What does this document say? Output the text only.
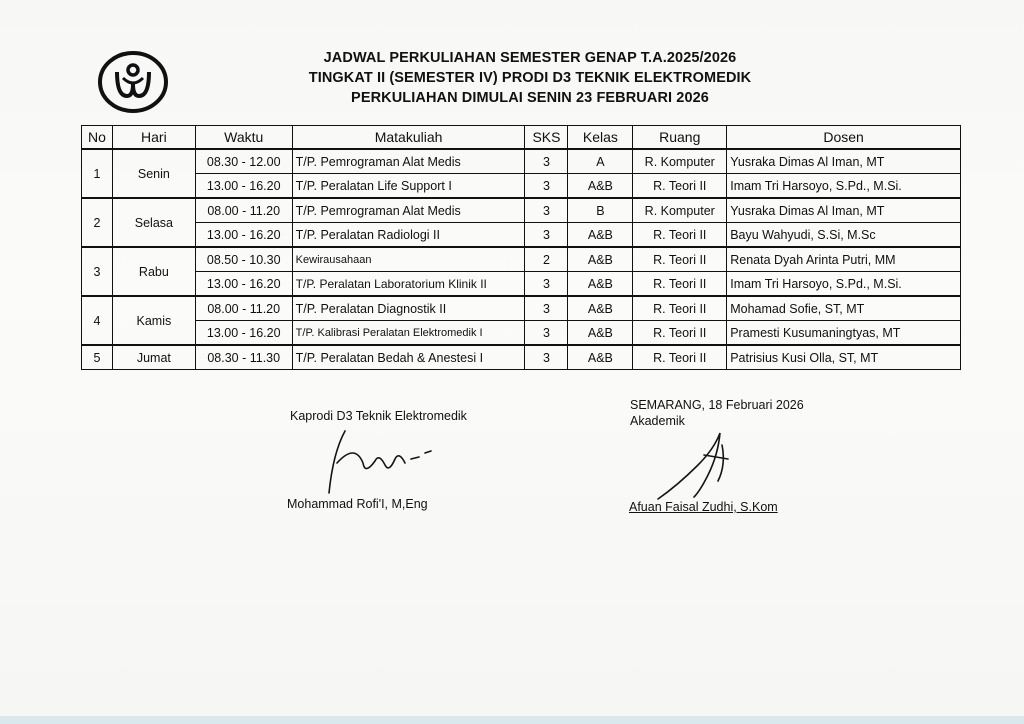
JADWAL PERKULIAHAN SEMESTER GENAP T.A.2025/2026
TINGKAT II (SEMESTER IV) PRODI D3 TEKNIK ELEKTROMEDIK
PERKULIAHAN DIMULAI SENIN 23 FEBRUARI 2026
No	Hari	Waktu	Matakuliah	SKS	Kelas	Ruang	Dosen
1	Senin	08.30 - 12.00	T/P. Pemrograman Alat Medis	3	A	R. Komputer	Yusraka Dimas Al Iman, MT
		13.00 - 16.20	T/P. Peralatan Life Support I	3	A&B	R. Teori II	Imam Tri Harsoyo, S.Pd., M.Si.
2	Selasa	08.00 - 11.20	T/P. Pemrograman Alat Medis	3	B	R. Komputer	Yusraka Dimas Al Iman, MT
		13.00 - 16.20	T/P. Peralatan Radiologi II	3	A&B	R. Teori II	Bayu Wahyudi, S.Si, M.Sc
3	Rabu	08.50 - 10.30	Kewirausahaan	2	A&B	R. Teori II	Renata Dyah Arinta Putri, MM
		13.00 - 16.20	T/P. Peralatan Laboratorium Klinik II	3	A&B	R. Teori II	Imam Tri Harsoyo, S.Pd., M.Si.
4	Kamis	08.00 - 11.20	T/P. Peralatan Diagnostik II	3	A&B	R. Teori II	Mohamad Sofie, ST, MT
		13.00 - 16.20	T/P. Kalibrasi Peralatan Elektromedik I	3	A&B	R. Teori II	Pramesti Kusumaningtyas, MT
5	Jumat	08.30 - 11.30	T/P. Peralatan Bedah & Anestesi I	3	A&B	R. Teori II	Patrisius Kusi Olla, ST, MT
Kaprodi D3 Teknik Elektromedik
Mohammad Rofi'I, M,Eng
SEMARANG, 18 Februari 2026
Akademik
Afuan Faisal Zudhi, S.Kom
